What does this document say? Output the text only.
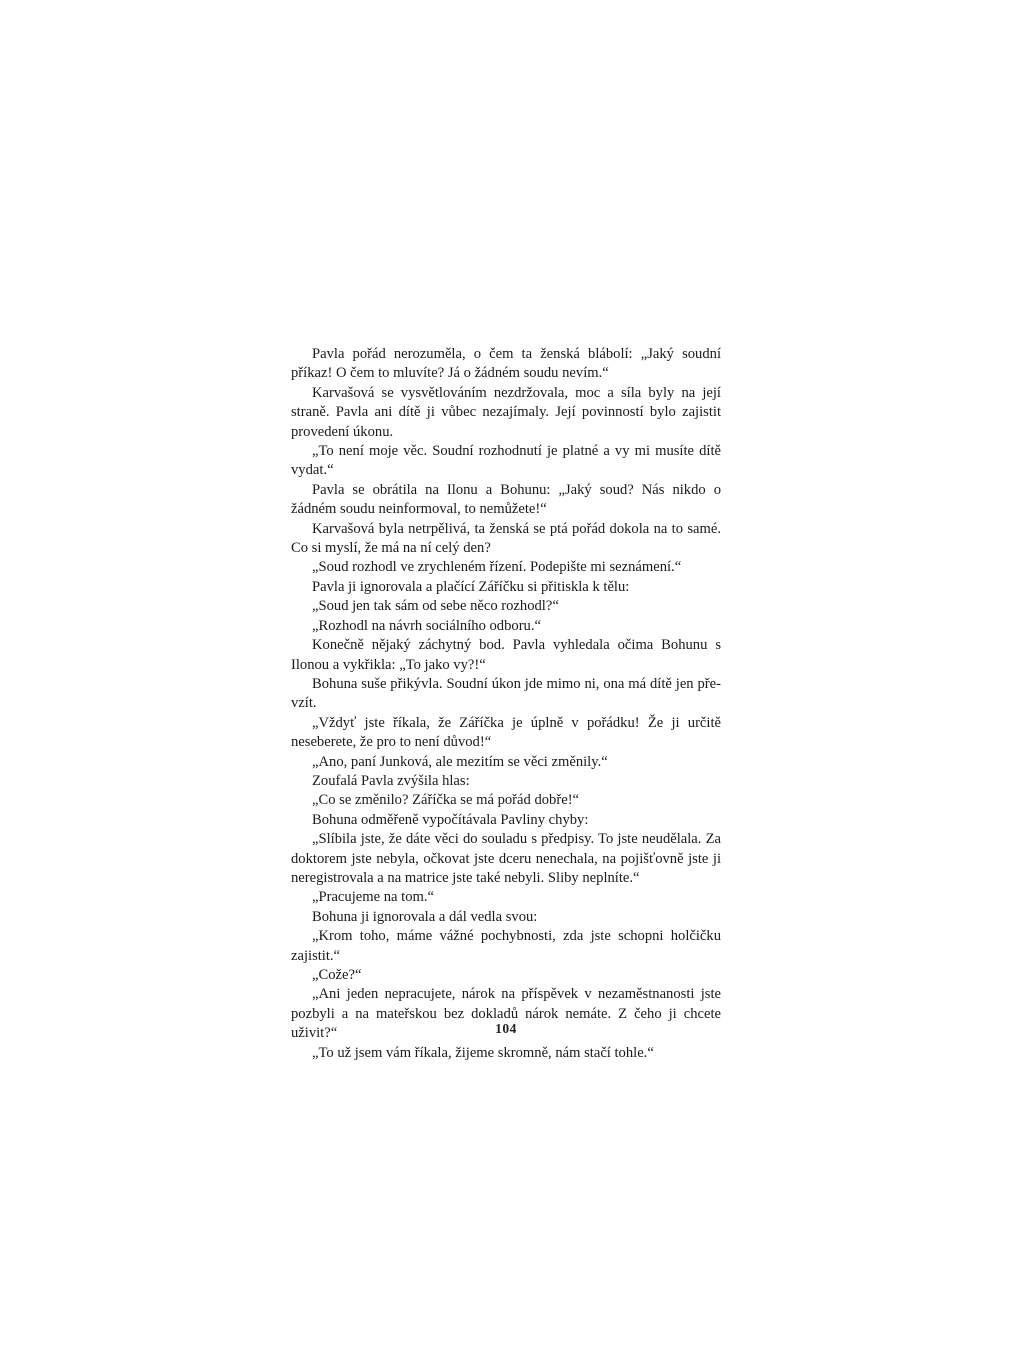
Pavla pořád nerozuměla, o čem ta ženská blábolí: „Jaký soudní příkaz! O čem to mluvíte? Já o žádném soudu nevím.“

Karvašová se vysvětlováním nezdržovala, moc a síla byly na její straně. Pavla ani dítě ji vůbec nezajímaly. Její povinností bylo zajistit provedení úkonu.

„To není moje věc. Soudní rozhodnutí je platné a vy mi musíte dítě vydat.“

Pavla se obrátila na Ilonu a Bohunu: „Jaký soud? Nás nikdo o žádném soudu neinformoval, to nemůžete!“

Karvašová byla netrpělivá, ta ženská se ptá pořád dokola na to samé. Co si myslí, že má na ní celý den?

„Soud rozhodl ve zrychleném řízení. Podepište mi seznámení.“

Pavla ji ignorovala a plačící Záříčku si přitiskla k tělu:

„Soud jen tak sám od sebe něco rozhodl?“

„Rozhodl na návrh sociálního odboru.“

Konečně nějaký záchytný bod. Pavla vyhledala očima Bohunu s Ilonou a vykřikla: „To jako vy?!“

Bohuna suše přikývla. Soudní úkon jde mimo ni, ona má dítě jen převzít.

„Vždyť jste říkala, že Záříčka je úplně v pořádku! Že ji určitě neseberete, že pro to není důvod!“

„Ano, paní Junková, ale mezitím se věci změnily.“

Zoufalá Pavla zvýšila hlas:

„Co se změnilo? Záříčka se má pořád dobře!“

Bohuna odměřeně vypočítávala Pavliny chyby:

„Slíbila jste, že dáte věci do souladu s předpisy. To jste neudělala. Za doktorem jste nebyla, očkovat jste dceru nenechala, na pojišťovně jste ji neregistrovala a na matrice jste také nebyli. Sliby neplníte.“

„Pracujeme na tom.“

Bohuna ji ignorovala a dál vedla svou:

„Krom toho, máme vážné pochybnosti, zda jste schopni holčičku zajistit.“

„Cože?“

„Ani jeden nepracujete, nárok na příspěvek v nezaměstnanosti jste pozbyli a na mateřskou bez dokladů nárok nemáte. Z čeho ji chcete uživit?“

„To už jsem vám říkala, žijeme skromně, nám stačí tohle.“

104
